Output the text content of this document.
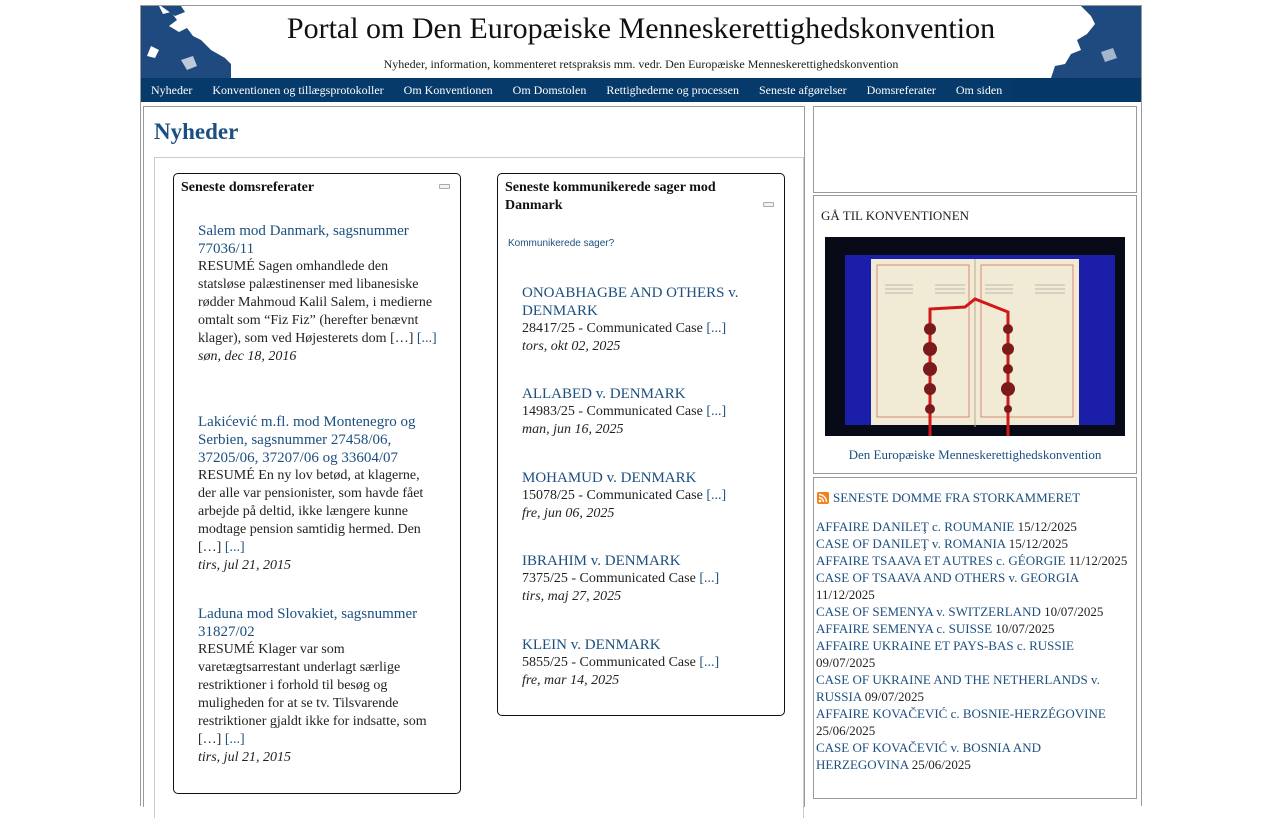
Portal om Den Europæiske Menneskerettighedskonvention
Nyheder, information, kommenteret retspraksis mm. vedr. Den Europæiske Menneskerettighedskonvention
Nyheder	Konventionen og tillægsprotokoller	Om Konventionen	Om Domstolen	Rettighederne og processen	Seneste afgørelser	Domsreferater	Om siden
Nyheder
Seneste domsreferater
Salem mod Danmark, sagsnummer 77036/11
RESUMÉ Sagen omhandlede den statsløse palæstinenser med libanesiske rødder Mahmoud Kalil Salem, i medierne omtalt som “Fiz Fiz” (herefter benævnt klager), som ved Højesterets dom […] [...]
søn, dec 18, 2016
Lakićević m.fl. mod Montenegro og Serbien, sagsnummer 27458/06, 37205/06, 37207/06 og 33604/07
RESUMÉ En ny lov betød, at klagerne, der alle var pensionister, som havde fået arbejde på deltid, ikke længere kunne modtage pension samtidig hermed. Den […] [...]
tirs, jul 21, 2015
Laduna mod Slovakiet, sagsnummer 31827/02
RESUMÉ Klager var som varetægtsarrestant underlagt særlige restriktioner i forhold til besøg og muligheden for at se tv. Tilsvarende restriktioner gjaldt ikke for indsatte, som […] [...]
tirs, jul 21, 2015
Seneste kommunikerede sager mod Danmark
Kommunikerede sager?
ONOABHAGBE AND OTHERS v. DENMARK
28417/25 - Communicated Case [...]
tors, okt 02, 2025
ALLABED v. DENMARK
14983/25 - Communicated Case [...]
man, jun 16, 2025
MOHAMUD v. DENMARK
15078/25 - Communicated Case [...]
fre, jun 06, 2025
IBRAHIM v. DENMARK
7375/25 - Communicated Case [...]
tirs, maj 27, 2025
KLEIN v. DENMARK
5855/25 - Communicated Case [...]
fre, mar 14, 2025
GÅ TIL KONVENTIONEN
Den Europæiske Menneskerettighedskonvention
SENESTE DOMME FRA STORKAMMERET
AFFAIRE DANILEŢ c. ROUMANIE 15/12/2025
CASE OF DANILEŢ v. ROMANIA 15/12/2025
AFFAIRE TSAAVA ET AUTRES c. GÉORGIE 11/12/2025
CASE OF TSAAVA AND OTHERS v. GEORGIA 11/12/2025
CASE OF SEMENYA v. SWITZERLAND 10/07/2025
AFFAIRE SEMENYA c. SUISSE 10/07/2025
AFFAIRE UKRAINE ET PAYS-BAS c. RUSSIE 09/07/2025
CASE OF UKRAINE AND THE NETHERLANDS v. RUSSIA 09/07/2025
AFFAIRE KOVAČEVIĆ c. BOSNIE-HERZÉGOVINE 25/06/2025
CASE OF KOVAČEVIĆ v. BOSNIA AND HERZEGOVINA 25/06/2025
